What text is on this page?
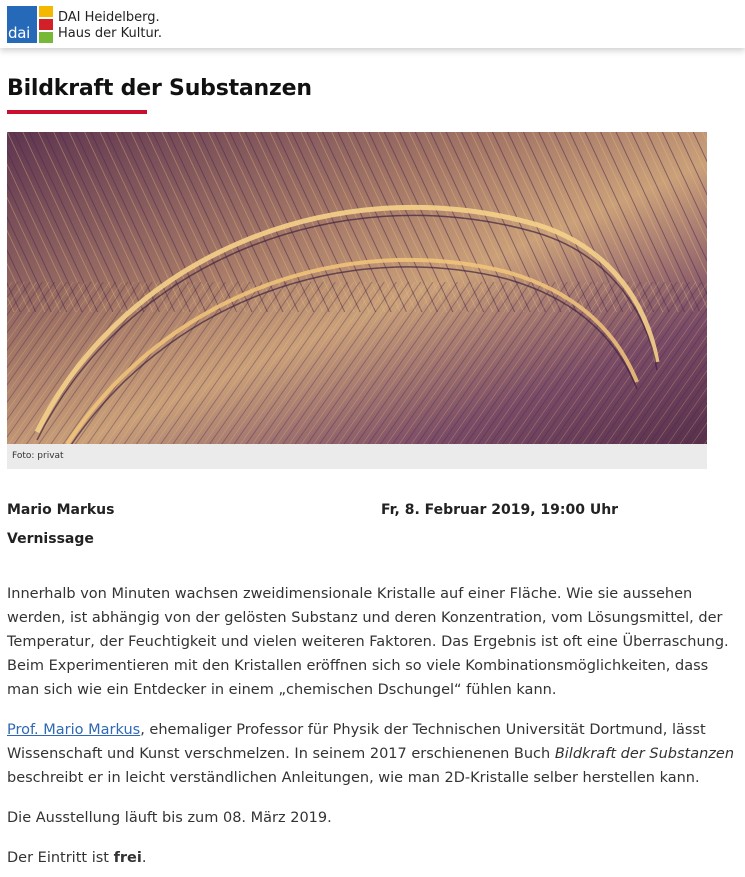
dai
DAI Heidelberg.
Haus der Kultur.
Bildkraft der Substanzen
Foto: privat
Mario Markus
Vernissage
Fr, 8. Februar 2019, 19:00 Uhr

Innerhalb von Minuten wachsen zweidimensionale Kristalle auf einer Fläche. Wie sie aussehen werden, ist abhängig von der gelösten Substanz und deren Konzentration, vom Lösungsmittel, der Temperatur, der Feuchtigkeit und vielen weiteren Faktoren. Das Ergebnis ist oft eine Überraschung. Beim Experimentieren mit den Kristallen eröffnen sich so viele Kombinationsmöglichkeiten, dass man sich wie ein Entdecker in einem „chemischen Dschungel“ fühlen kann.

Prof. Mario Markus, ehemaliger Professor für Physik der Technischen Universität Dortmund, lässt Wissenschaft und Kunst verschmelzen. In seinem 2017 erschienenen Buch Bildkraft der Substanzen beschreibt er in leicht verständlichen Anleitungen, wie man 2D-Kristalle selber herstellen kann.

Die Ausstellung läuft bis zum 08. März 2019.

Der Eintritt ist frei.
